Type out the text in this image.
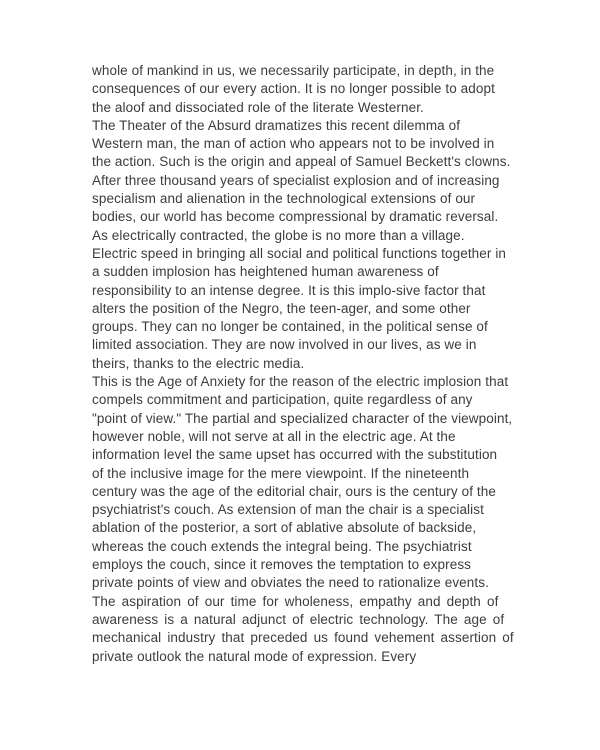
whole of mankind in us, we necessarily participate, in depth, in the
consequences of our every action. It is no longer possible to adopt
the aloof and dissociated role of the literate Westerner.

The Theater of the Absurd dramatizes this recent dilemma of
Western man, the man of action who appears not to be involved in
the action. Such is the origin and appeal of Samuel Beckett's clowns.
After three thousand years of specialist explosion and of increasing
specialism and alienation in the technological extensions of our
bodies, our world has become compressional by dramatic reversal.
As electrically contracted, the globe is no more than a village.
Electric speed in bringing all social and political functions together in
a sudden implosion has heightened human awareness of
responsibility to an intense degree. It is this implo-sive factor that
alters the position of the Negro, the teen-ager, and some other
groups. They can no longer be contained, in the political sense of
limited association. They are now involved in our lives, as we in
theirs, thanks to the electric media.

This is the Age of Anxiety for the reason of the electric implosion that
compels commitment and participation, quite regardless of any
"point of view." The partial and specialized character of the viewpoint,
however noble, will not serve at all in the electric age. At the
information level the same upset has occurred with the substitution
of the inclusive image for the mere viewpoint. If the nineteenth
century was the age of the editorial chair, ours is the century of the
psychiatrist's couch. As extension of man the chair is a specialist
ablation of the posterior, a sort of ablative absolute of backside,
whereas the couch extends the integral being. The psychiatrist
employs the couch, since it removes the temptation to express
private points of view and obviates the need to rationalize events.

The aspiration of our time for wholeness, empathy and depth of
awareness is a natural adjunct of electric technology. The age of
mechanical industry that preceded us found vehement assertion of
private outlook the natural mode of expression. Every
